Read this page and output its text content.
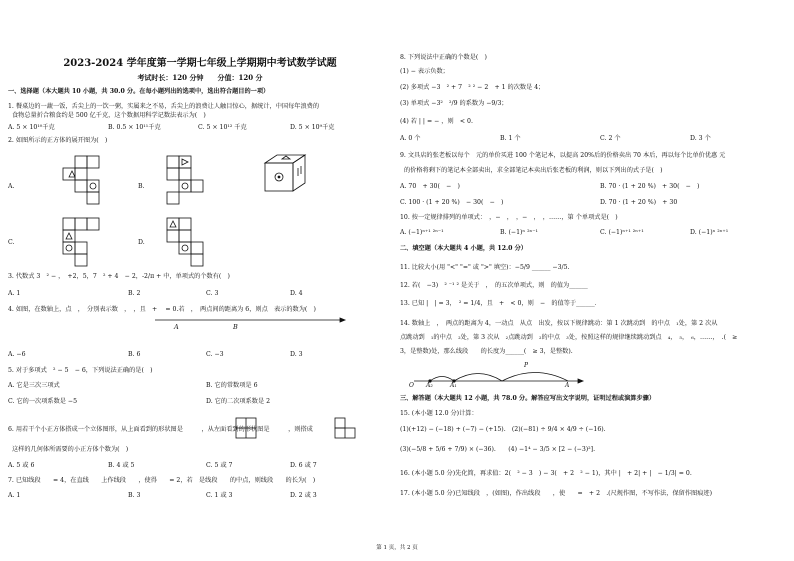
2023-2024 学年度第一学期七年级上学期期中考试数学试题
考试时长：120 分钟　　分值：120 分
一、选择题（本大题共 10 小题，共 30.0 分。在每小题列出的选项中，选出符合题目的一项）
1. 餐桌边的一蔬一饭，舌尖上的一饮一粥，实属来之不易，舌尖上的浪费让人触目惊心，据统计，中国每年浪费的
食物总量折合粮食约是 500 亿千克，这个数据用科学记数法表示为(　)
A. 5 × 10¹⁰千克	B. 0.5 × 10¹¹千克	C. 5 × 10¹² 千克	D. 5 × 10⁹千克
2. 如图所示的正方体的展开图为(　)
A.	B.
C.	D.
3. 代数式 3　² − ，　+2，5，7　² + 4　− 2，-2/π + 中，单项式的个数有(　)
A. 1	B. 2	C. 3	D. 4
4. 如图，在数轴上，点　，　分别表示数　，　，且　+ 　= 0.若　，　两点间的距离为 6，则点　表示的数为(　)
A. −6	B. 6	C. −3	D. 3
5. 对于多项式　² − 5　− 6，下列说法正确的是(　)
A. 它是三次三项式	B. 它的常数项是 6
C. 它的一次项系数是 −5	D. 它的二次项系数是 2
6. 用若干个小正方体搭成一个立体图形，从上面看到的形状图是　　　，从左面看到的形状图是　　　，则搭成
这样的几何体所需要的小正方体个数为(　)
A. 5 或 6	B. 4 或 5	C. 5 或 7	D. 6 或 7
7. 已知线段　　= 4，在直线　　上作线段　　，使得　　= 2，若　是线段　　的中点，则线段　　的长为(　)
A. 1	B. 3	C. 1 或 3	D. 2 或 3
A	B
8. 下列说法中正确的个数是(　)
(1) − 表示负数；
(2) 多项式 −3　² + 7　² ² − 2　+ 1 的次数是 4；
(3) 单项式 −3²　²/9 的系数为 −9/3；
(4) 若 | | = − ，则　< 0.
A. 0 个	B. 1 个	C. 2 个	D. 3 个
9. 文具店的张老板以每个　元的单价买进 100 个笔记本，以提高 20%后的价格卖出 70 本后，再以每个比单价优惠 元
的价格将剩下的笔记本全部卖出，求全部笔记本卖出后张老板的利润，则以下列出的式子是(　)
A. 70　+ 30(　−　)	B. 70 · (1 + 20 %)　+ 30(　−　)
C. 100 · (1 + 20 %)　− 30(　−　)	D. 70 · (1 + 20 %)　+ 30
10. 按一定规律排列的单项式：　，−　，　，−　，　，……，第 个单项式是(　)
A. (−1)ⁿ⁺¹ ²ⁿ⁻¹	B. (−1)ⁿ ²ⁿ⁻¹	C. (−1)ⁿ⁺¹ ²ⁿ⁺¹	D. (−1)ⁿ ²ⁿ⁺¹
二、填空题（本大题共 4 小题，共 12.0 分）
11. 比较大小(用 "<" "=" 或 ">" 填空)：−5/9 ______ −3/5.
12. 若(　−3)　² ⁻¹ ² 是关于　，　的五次单项式，则　的值为______
13. 已知 |　| = 3，　² = 1/4，且　+　< 0，则　−　的值等于______．
14. 数轴上　，　两点的距离为 4，一动点　从点　出发，按以下规律跳动：第 1 次跳动到　的中点　₁处，第 2 次从
点跳动到　₁的中点　₂处，第 3 次从　₂点跳动到　₂的中点　₃处，按照这样的规律继续跳动到点　₄，　₅，　₆，……，　.(　≥
3，是整数)处，那么线段　　的长度为______(　≥ 3，是整数).
三、解答题（本大题共 12 小题，共 78.0 分。解答应写出文字说明，证明过程或演算步骤）
15. (本小题 12.0 分)计算：
(1)(+12) − (−18) + (−7) − (+15).　(2)(−81) ÷ 9/4 × 4/9 ÷ (−16).
(3)(−5/8 + 5/6 + 7/9) × (−36).　　(4) −1⁴ − 3/5 × [2 − (−3)²].
16. (本小题 5.0 分)先化简，再求值：2(　² − 3　) − 3(　+ 2　² − 1)，其中 |　+ 2| + |　− 1/3| = 0.
17. (本小题 5.0 分)已知线段　，(如图)，作出线段　　，使　　=　+ 2　.(尺规作图，不写作法，保留作图痕迹)
O A₂	A₁
P
A
第 1 页，共 2 页
